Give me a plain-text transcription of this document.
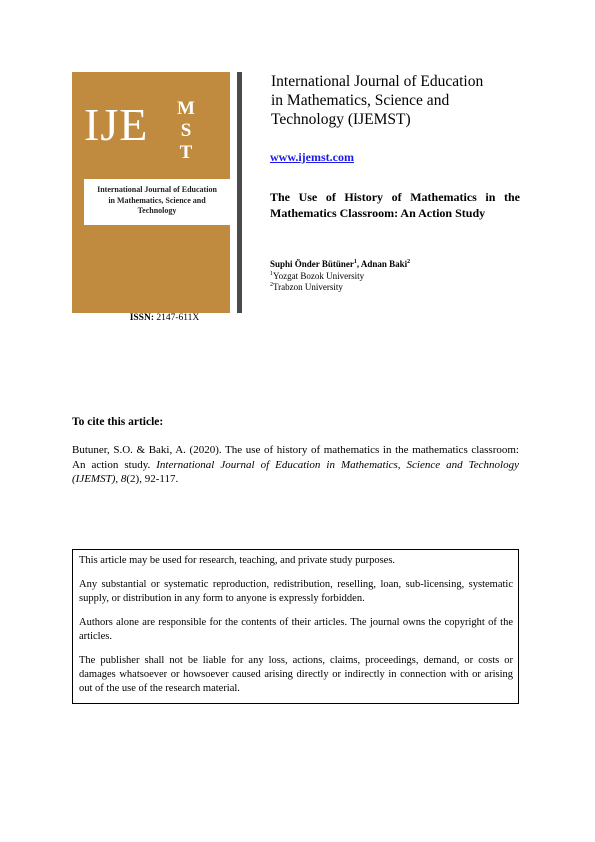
IJE M
S
T
International Journal of Education
in Mathematics, Science and
Technology
ISSN: 2147-611X
International Journal of Education
in Mathematics, Science and
Technology (IJEMST)
www.ijemst.com
The Use of History of Mathematics in the Mathematics Classroom: An Action Study
Suphi Önder Bütüner$^1$, Adnan Baki$^2$
$^1$Yozgat Bozok University
$^2$Trabzon University
To cite this article:
Butuner, S.O. & Baki, A. (2020). The use of history of mathematics in the mathematics classroom: An action study. International Journal of Education in Mathematics, Science and Technology (IJEMST), 8(2), 92-117.

This article may be used for research, teaching, and private study purposes.

Any substantial or systematic reproduction, redistribution, reselling, loan, sub-licensing, systematic supply, or distribution in any form to anyone is expressly forbidden.

Authors alone are responsible for the contents of their articles. The journal owns the copyright of the articles.

The publisher shall not be liable for any loss, actions, claims, proceedings, demand, or costs or damages whatsoever or howsoever caused arising directly or indirectly in connection with or arising out of the use of the research material.
